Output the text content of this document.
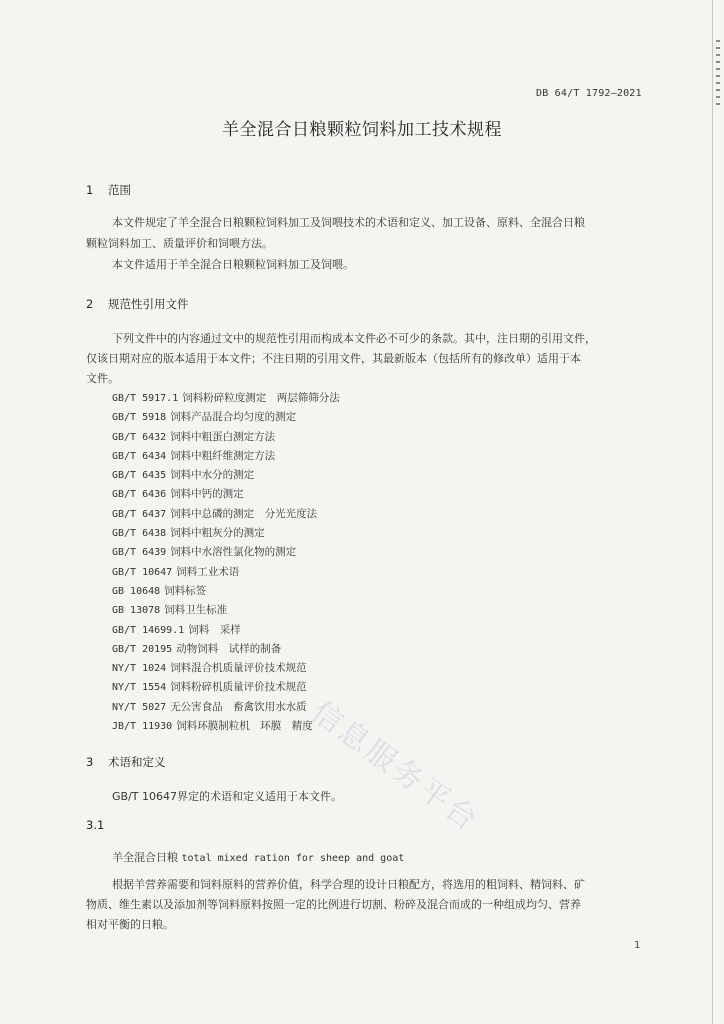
DB 64/T 1792—2021
羊全混合日粮颗粒饲料加工技术规程
1 范围
本文件规定了羊全混合日粮颗粒饲料加工及饲喂技术的术语和定义、加工设备、原料、全混合日粮
颗粒饲料加工、质量评价和饲喂方法。
本文件适用于羊全混合日粮颗粒饲料加工及饲喂。
2 规范性引用文件
下列文件中的内容通过文中的规范性引用而构成本文件必不可少的条款。其中，注日期的引用文件，
仅该日期对应的版本适用于本文件；不注日期的引用文件，其最新版本（包括所有的修改单）适用于本
文件。
GB/T 5917.1 饲料粉碎粒度测定　两层筛筛分法
GB/T 5918 饲料产品混合均匀度的测定
GB/T 6432 饲料中粗蛋白测定方法
GB/T 6434 饲料中粗纤维测定方法
GB/T 6435 饲料中水分的测定
GB/T 6436 饲料中钙的测定
GB/T 6437 饲料中总磷的测定　分光光度法
GB/T 6438 饲料中粗灰分的测定
GB/T 6439 饲料中水溶性氯化物的测定
GB/T 10647 饲料工业术语
GB 10648 饲料标签
GB 13078 饲料卫生标准
GB/T 14699.1 饲料　采样
GB/T 20195 动物饲料　试样的制备
NY/T 1024 饲料混合机质量评价技术规范
NY/T 1554 饲料粉碎机质量评价技术规范
NY/T 5027 无公害食品　畜禽饮用水水质
JB/T 11930 饲料环膜制粒机　环膜　精度
3 术语和定义
GB/T 10647界定的术语和定义适用于本文件。
3.1
羊全混合日粮 total mixed ration for sheep and goat
根据羊营养需要和饲料原料的营养价值，科学合理的设计日粮配方，将选用的粗饲料、精饲料、矿
物质、维生素以及添加剂等饲料原料按照一定的比例进行切割、粉碎及混合而成的一种组成均匀、营养
相对平衡的日粮。
1
信息服务平台
